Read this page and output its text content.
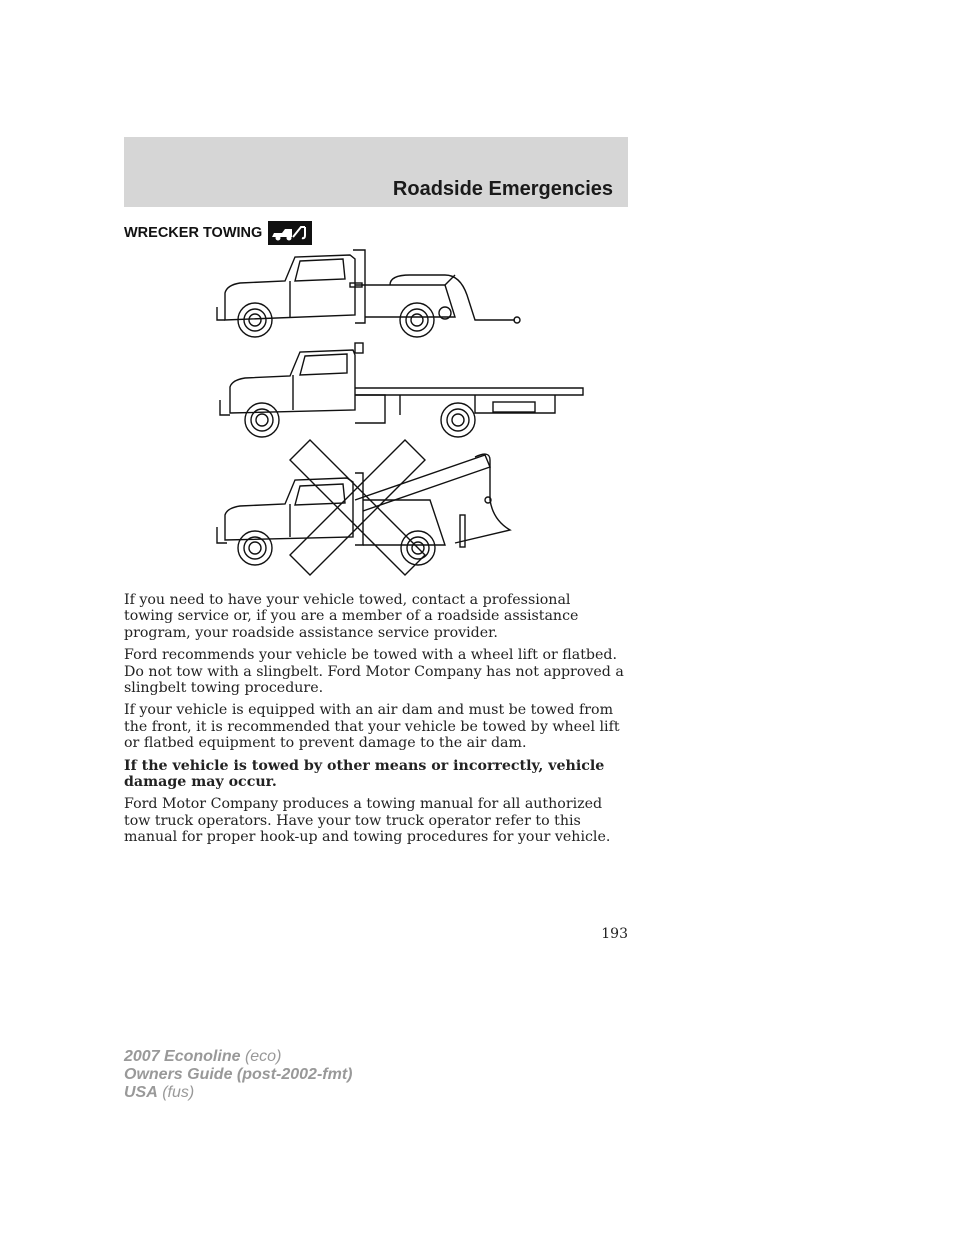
Roadside Emergencies
WRECKER TOWING

If you need to have your vehicle towed, contact a professional towing service or, if you are a member of a roadside assistance program, your roadside assistance service provider.

Ford recommends your vehicle be towed with a wheel lift or flatbed. Do not tow with a slingbelt. Ford Motor Company has not approved a slingbelt towing procedure.

If your vehicle is equipped with an air dam and must be towed from the front, it is recommended that your vehicle be towed by wheel lift or flatbed equipment to prevent damage to the air dam.

If the vehicle is towed by other means or incorrectly, vehicle damage may occur.

Ford Motor Company produces a towing manual for all authorized tow truck operators. Have your tow truck operator refer to this manual for proper hook-up and towing procedures for your vehicle.

193
2007 Econoline (eco)
Owners Guide (post-2002-fmt)
USA (fus)
